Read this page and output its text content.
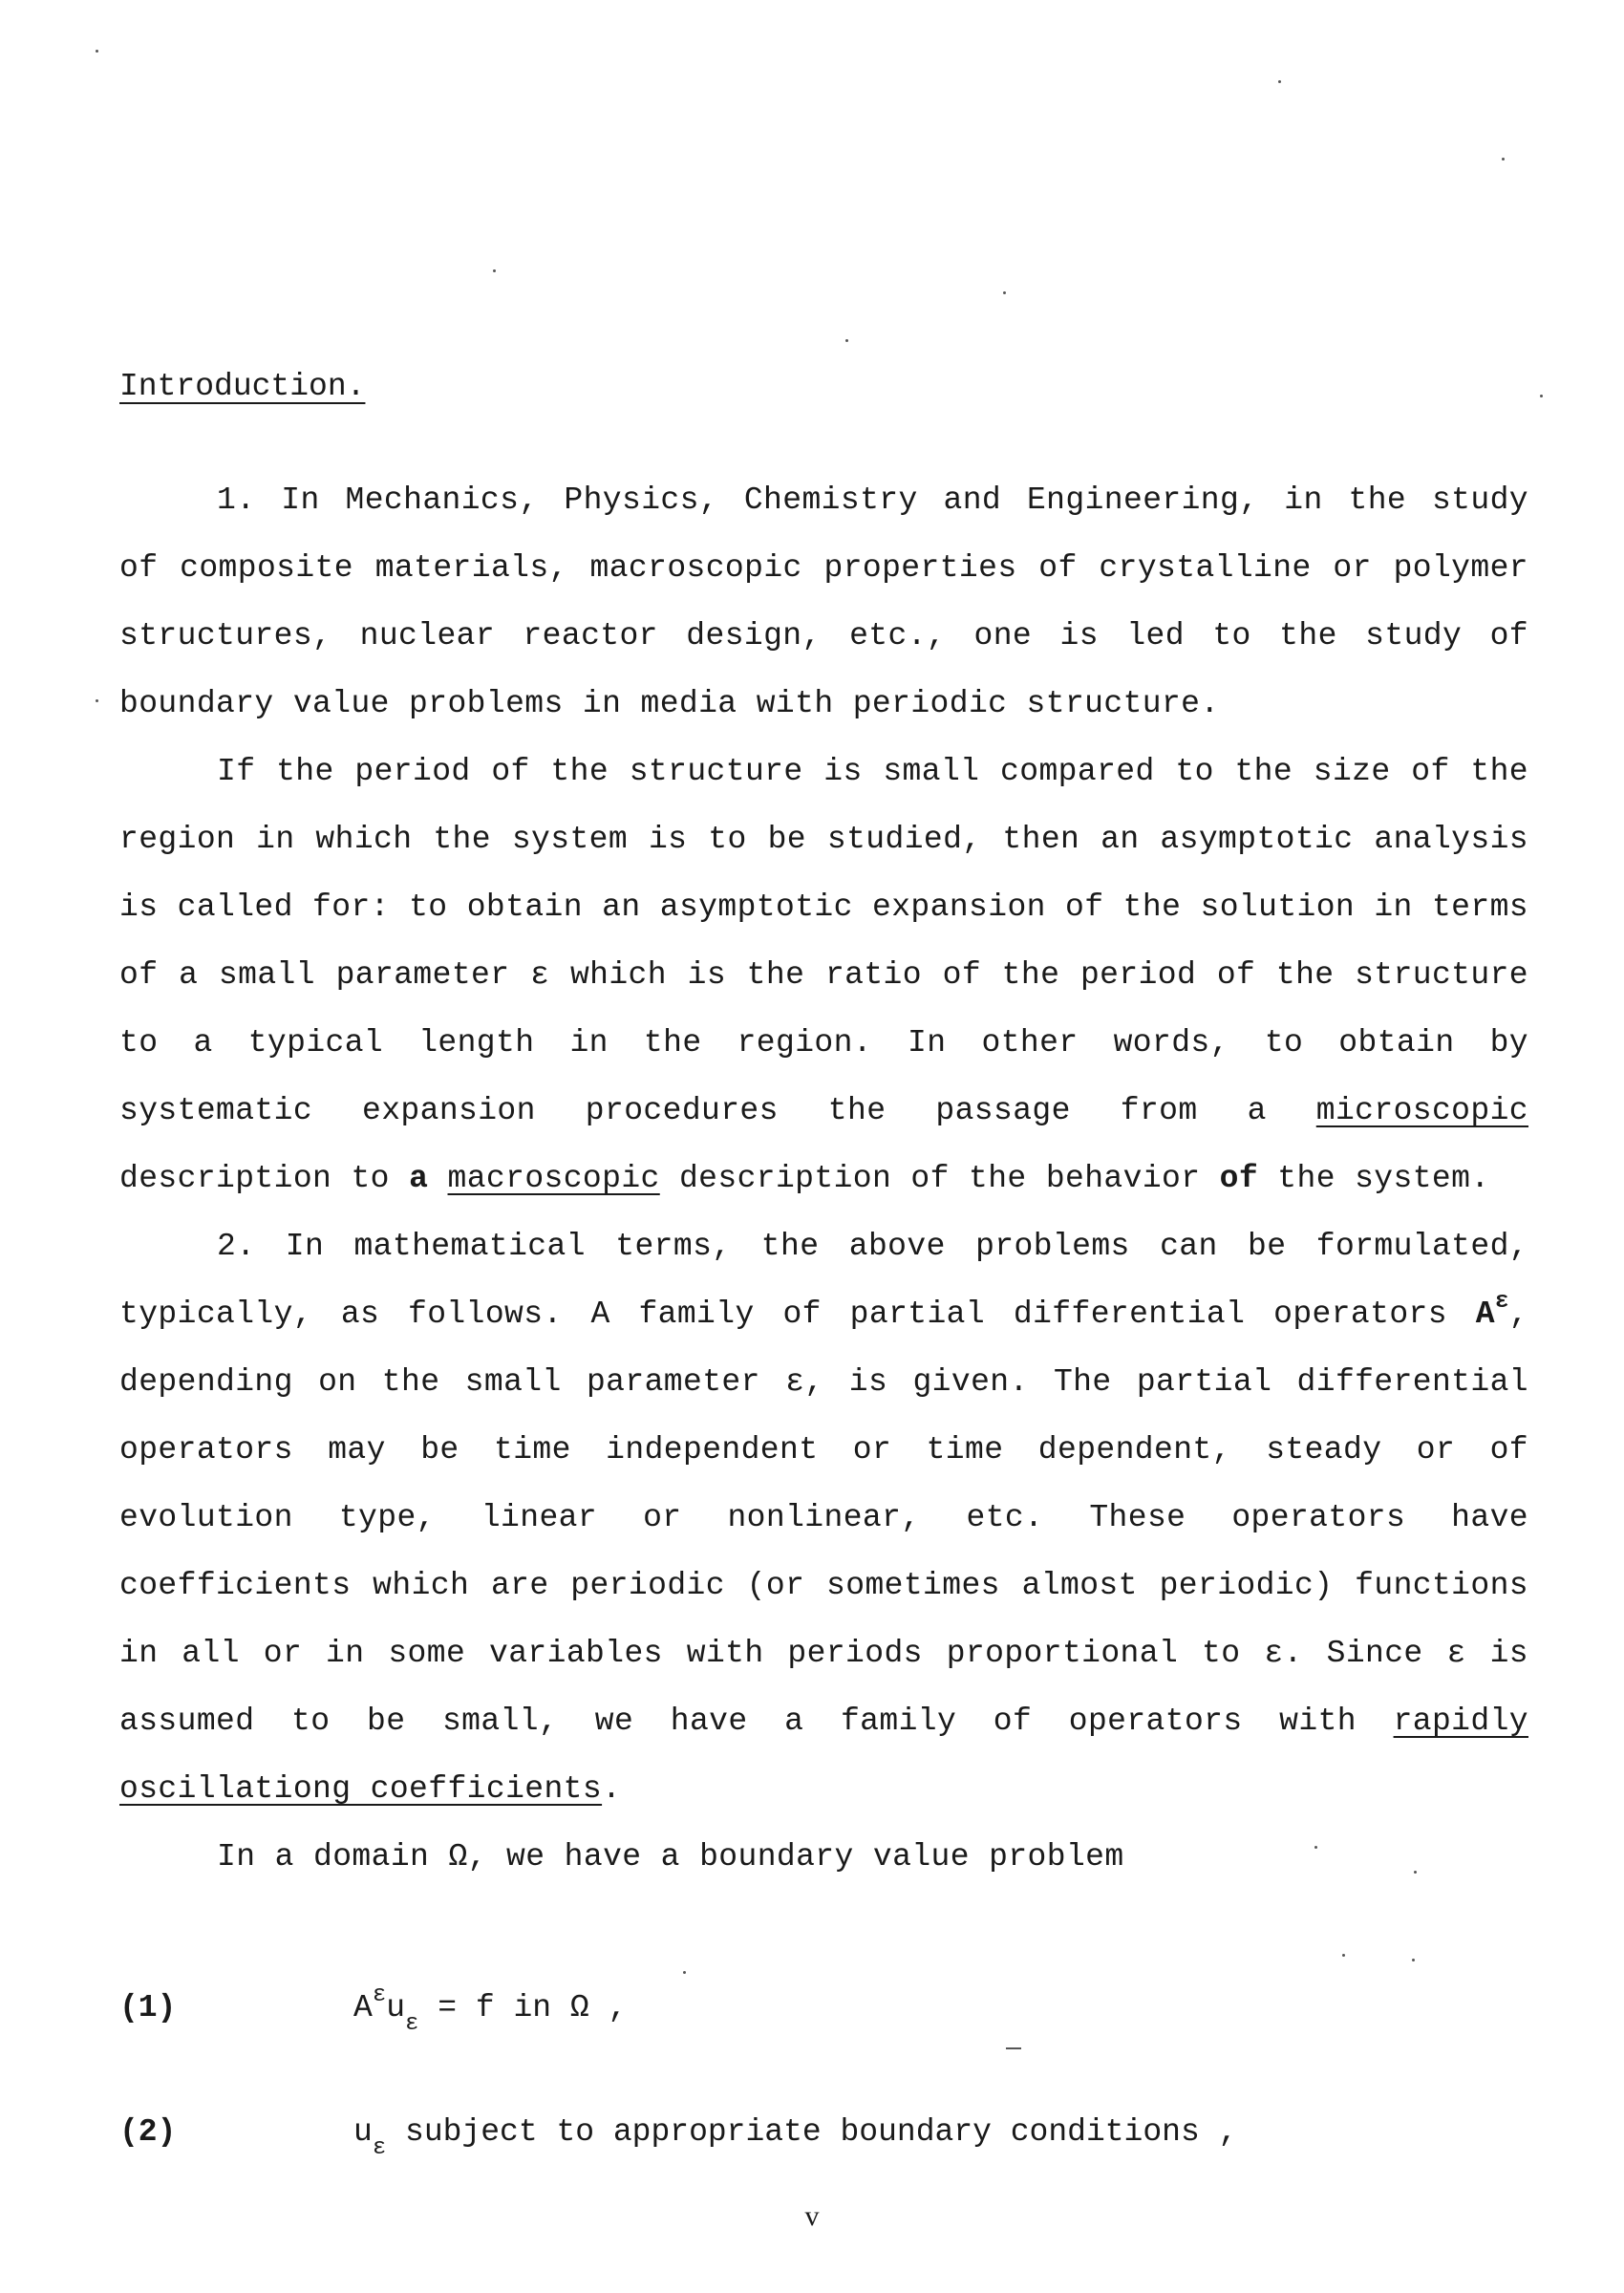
Introduction.

1. In Mechanics, Physics, Chemistry and Engineering, in the study of composite materials, macroscopic properties of crystalline or polymer structures, nuclear reactor design, etc., one is led to the study of boundary value problems in media with periodic structure.

If the period of the structure is small compared to the size of the region in which the system is to be studied, then an asymptotic analysis is called for: to obtain an asymptotic expansion of the solution in terms of a small parameter ε which is the ratio of the period of the structure to a typical length in the region. In other words, to obtain by systematic expansion procedures the passage from a microscopic description to a macroscopic description of the behavior of the system.

2. In mathematical terms, the above problems can be formulated, typically, as follows. A family of partial differential operators $A^\varepsilon$, depending on the small parameter ε, is given. The partial differential operators may be time independent or time dependent, steady or of evolution type, linear or nonlinear, etc. These operators have coefficients which are periodic (or sometimes almost periodic) functions in all or in some variables with periods proportional to ε. Since ε is assumed to be small, we have a family of operators with rapidly oscillationg coefficients.

In a domain Ω, we have a boundary value problem

(1)	$A^\varepsilon u_\varepsilon = f$ in Ω ,
(2)	$u_\varepsilon$ subject to appropriate boundary conditions ,
v
